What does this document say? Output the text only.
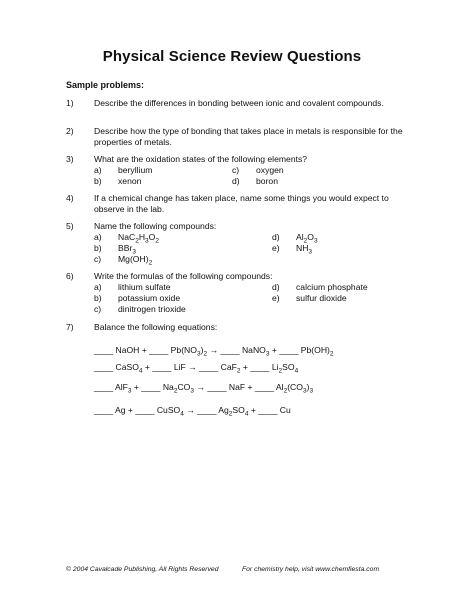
Physical Science Review Questions
Sample problems:
1) Describe the differences in bonding between ionic and covalent compounds.
2) Describe how the type of bonding that takes place in metals is responsible for the properties of metals.
3) What are the oxidation states of the following elements?
a) beryllium
b) xenon
c) oxygen
d) boron
4) If a chemical change has taken place, name some things you would expect to observe in the lab.
5) Name the following compounds:
a) $NaC_2H_3O_2$
b) BBr$_3$
c) $Mg(OH)_2$
d) $Al_2O_3$
e) $NH_3$
6) Write the formulas of the following compounds:
a) lithium sulfate
b) potassium oxide
c) dinitrogen trioxide
d) calcium phosphate
e) sulfur dioxide
7) Balance the following equations:
____ NaOH + ____ $Pb(NO_3)_2$ → ____ NaNO$_3$ + ____ $Pb(OH)_2$
____ CaSO$_4$ + ____ LiF → ____ CaF$_2$ + ____ $Li_2SO_4$
____ AlF$_3$ + ____ $Na_2CO_3$ → ____ NaF + ____ $Al_2(CO_3)_3$
____ Ag + ____ CuSO$_4$ → ____ $Ag_2SO_4$ + ____ Cu
© 2004 Cavalcade Publishing, All Rights Reserved	For chemistry help, visit www.chemfiesta.com
